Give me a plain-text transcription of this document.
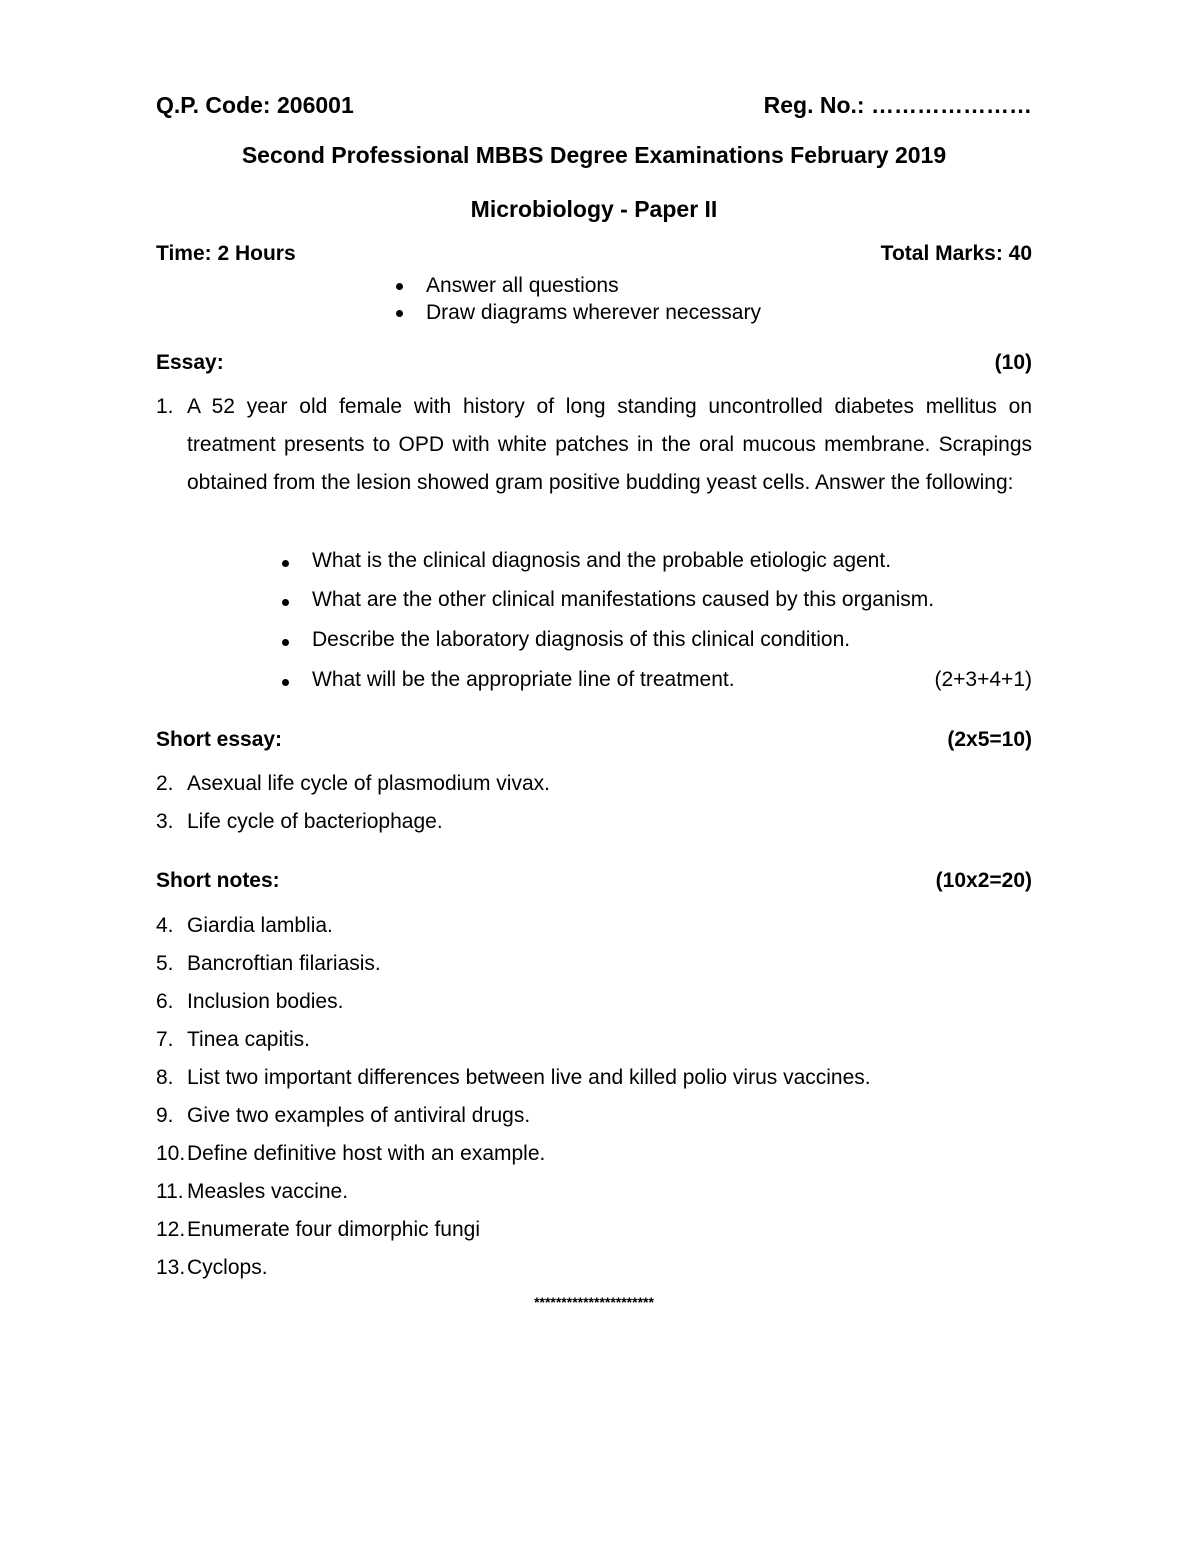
Q.P. Code: 206001	Reg. No.: …………………
Second Professional MBBS Degree Examinations February 2019
Microbiology - Paper II
Time: 2 Hours	Total Marks: 40
Answer all questions
Draw diagrams wherever necessary
Essay:	(10)
1. A 52 year old female with history of long standing uncontrolled diabetes mellitus on treatment presents to OPD with white patches in the oral mucous membrane. Scrapings obtained from the lesion showed gram positive budding yeast cells. Answer the following:
What is the clinical diagnosis and the probable etiologic agent.
What are the other clinical manifestations caused by this organism.
Describe the laboratory diagnosis of this clinical condition.
What will be the appropriate line of treatment.	(2+3+4+1)
Short essay:	(2x5=10)
2. Asexual life cycle of plasmodium vivax.
3. Life cycle of bacteriophage.
Short notes:	(10x2=20)
4. Giardia lamblia.
5. Bancroftian filariasis.
6. Inclusion bodies.
7. Tinea capitis.
8. List two important differences between live and killed polio virus vaccines.
9. Give two examples of antiviral drugs.
10. Define definitive host with an example.
11. Measles vaccine.
12. Enumerate four dimorphic fungi
13. Cyclops.
**********************
